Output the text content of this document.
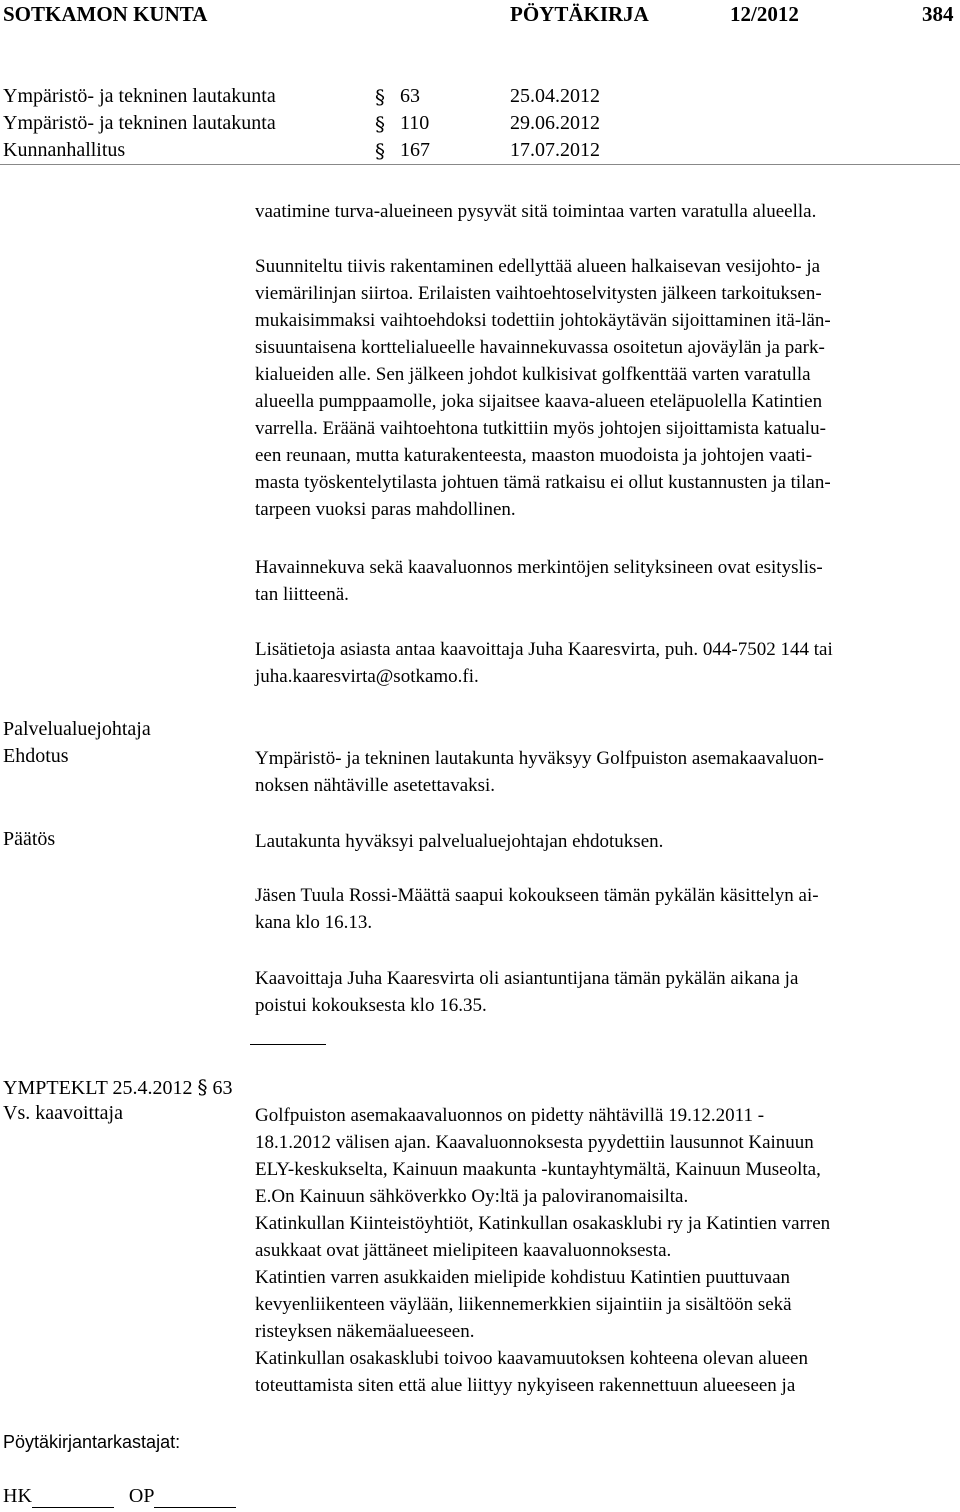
SOTKAMON KUNTA	PÖYTÄKIRJA	12/2012	384
Ympäristö- ja tekninen lautakunta	§ 63	25.04.2012
Ympäristö- ja tekninen lautakunta	§ 110	29.06.2012
Kunnanhallitus	§ 167	17.07.2012
vaatimine turva-alueineen pysyvät sitä toimintaa varten varatulla alueella.
Suunniteltu tiivis rakentaminen edellyttää alueen halkaisevan vesijohto- ja
viemärilinjan siirtoa. Erilaisten vaihtoehtoselvitysten jälkeen tarkoituksen-
mukaisimmaksi vaihtoehdoksi todettiin johtokäytävän sijoittaminen itä-län-
sisuuntaisena korttelialueelle havainnekuvassa osoitetun ajoväylän ja park-
kialueiden alle. Sen jälkeen johdot kulkisivat golfkenttää varten varatulla
alueella pumppaamolle, joka sijaitsee kaava-alueen eteläpuolella Katintien
varrella. Eräänä vaihtoehtona tutkittiin myös johtojen sijoittamista katualu-
een reunaan, mutta katurakenteesta, maaston muodoista ja johtojen vaati-
masta työskentelytilasta johtuen tämä ratkaisu ei ollut kustannusten ja tilan-
tarpeen vuoksi paras mahdollinen.
Havainnekuva sekä kaavaluonnos merkintöjen selityksineen ovat esityslis-
tan liitteenä.
Lisätietoja asiasta antaa kaavoittaja Juha Kaaresvirta, puh. 044-7502 144 tai
juha.kaaresvirta@sotkamo.fi.
Palvelualuejohtaja
Ehdotus	Ympäristö- ja tekninen lautakunta hyväksyy Golfpuiston asemakaavaluon-
noksen nähtäville asetettavaksi.
Päätös	Lautakunta hyväksyi palvelualuejohtajan ehdotuksen.
Jäsen Tuula Rossi-Määttä saapui kokoukseen tämän pykälän käsittelyn ai-
kana klo 16.13.
Kaavoittaja Juha Kaaresvirta oli asiantuntijana tämän pykälän aikana ja
poistui kokouksesta klo 16.35.
YMPTEKLT 25.4.2012 § 63
Vs. kaavoittaja	Golfpuiston asemakaavaluonnos on pidetty nähtävillä 19.12.2011 -
18.1.2012 välisen ajan. Kaavaluonnoksesta pyydettiin lausunnot Kainuun
ELY-keskukselta, Kainuun maakunta -kuntayhtymältä, Kainuun Museolta,
E.On Kainuun sähköverkko Oy:ltä ja paloviranomaisilta.
Katinkullan Kiinteistöyhtiöt, Katinkullan osakasklubi ry ja Katintien varren
asukkaat ovat jättäneet mielipiteen kaavaluonnoksesta.
Katintien varren asukkaiden mielipide kohdistuu Katintien puuttuvaan
kevyenliikenteen väylään, liikennemerkkien sijaintiin ja sisältöön sekä
risteyksen näkemäalueeseen.
Katinkullan osakasklubi toivoo kaavamuutoksen kohteena olevan alueen
toteuttamista siten että alue liittyy nykyiseen rakennettuun alueeseen ja
Pöytäkirjantarkastajat:
HK	OP
